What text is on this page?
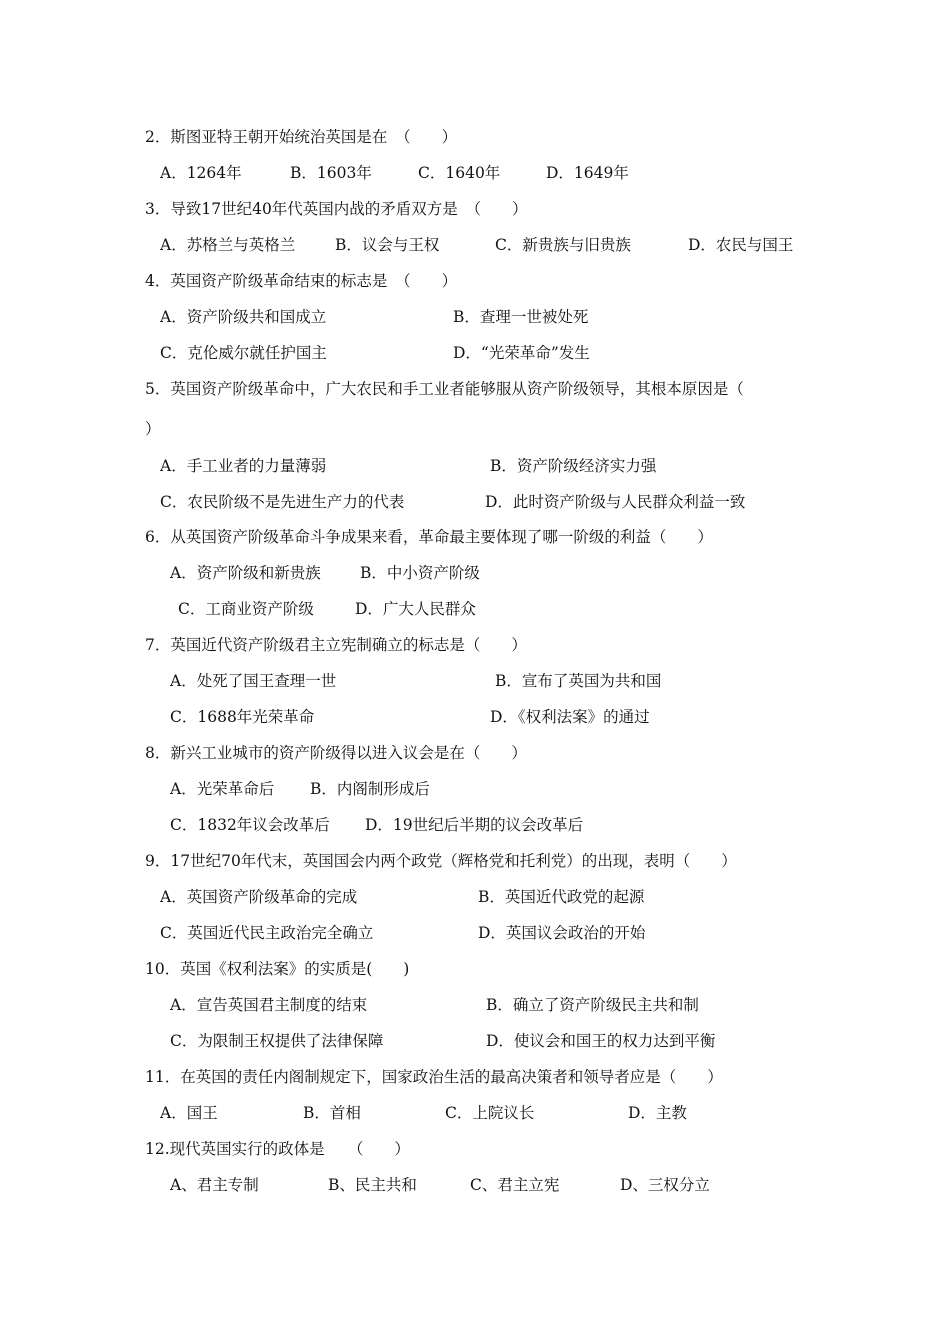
2．斯图亚特王朝开始统治英国是在　（　　）
A．1264年	B．1603年	C．1640年	D．1649年
3．导致17世纪40年代英国内战的矛盾双方是　（　　）
A．苏格兰与英格兰	B．议会与王权	C．新贵族与旧贵族	D．农民与国王
4．英国资产阶级革命结束的标志是　（　　）
A．资产阶级共和国成立	B．查理一世被处死
C．克伦威尔就任护国主	D．“光荣革命”发生
5．英国资产阶级革命中，广大农民和手工业者能够服从资产阶级领导，其根本原因是（
）
A．手工业者的力量薄弱	B．资产阶级经济实力强
C．农民阶级不是先进生产力的代表	D．此时资产阶级与人民群众利益一致
6．从英国资产阶级革命斗争成果来看，革命最主要体现了哪一阶级的利益（　　）
A．资产阶级和新贵族	B．中小资产阶级
C．工商业资产阶级	D．广大人民群众
7．英国近代资产阶级君主立宪制确立的标志是（　　）
A．处死了国王查理一世	B．宣布了英国为共和国
C．1688年光荣革命	D．《权利法案》的通过
8．新兴工业城市的资产阶级得以进入议会是在（　　）
A．光荣革命后 B．内阁制形成后
C．1832年议会改革后 D．19世纪后半期的议会改革后
9．17世纪70年代末，英国国会内两个政党（辉格党和托利党）的出现，表明（　　）
A．英国资产阶级革命的完成	B．英国近代政党的起源
C．英国近代民主政治完全确立	D．英国议会政治的开始
10．英国《权利法案》的实质是(　　)
A．宣告英国君主制度的结束	B．确立了资产阶级民主共和制
C．为限制王权提供了法律保障	D．使议会和国王的权力达到平衡
11．在英国的责任内阁制规定下，国家政治生活的最高决策者和领导者应是（　　）
A．国王	B．首相	C．上院议长	D．主教
12.现代英国实行的政体是　　（　　）
A、君主专制	B、民主共和	C、君主立宪	D、三权分立
